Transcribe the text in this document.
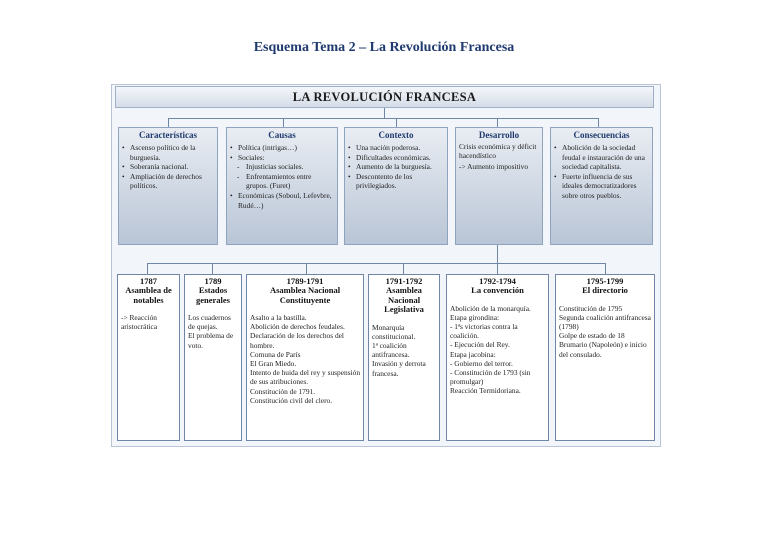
Esquema Tema 2 – La Revolución Francesa
LA REVOLUCIÓN FRANCESA
Características
• Ascenso político de la burguesía.
• Soberanía nacional.
• Ampliación de derechos políticos.
Causas
• Política (intrigas…)
• Sociales:
- Injusticias sociales.
- Enfrentamientos entre grupos. (Furet)
• Económicas (Soboul, Lefevbre, Rudé…)
Contexto
• Una nación poderosa.
• Dificultades económicas.
• Aumento de la burguesía.
• Descontento de los privilegiados.
Desarrollo

Crisis económica y déficit hacendístico

-> Aumento impositivo

Consecuencias
• Abolición de la sociedad feudal e instauración de una sociedad capitalista.
• Fuerte influencia de sus ideales democratizadores sobre otros pueblos.
1787
Asamblea de notables
-> Reacción aristocrática
1789
Estados generales
Los cuadernos de quejas.
El problema de voto.
1789-1791
Asamblea Nacional Constituyente
Asalto a la bastilla.
Abolición de derechos feudales.
Declaración de los derechos del hombre.
Comuna de París
El Gran Miedo.
Intento de huida del rey y suspensión de sus atribuciones.
Constitución de 1791.
Constitución civil del clero.
1791-1792
Asamblea Nacional Legislativa
Monarquía constitucional.
1ª coalición antifrancesa.
Invasión y derrota francesa.
1792-1794
La convención
Abolición de la monarquía.
Etapa girondina:
- 1ªs victorias contra la coalición.
- Ejecución del Rey.
Etapa jacobina:
- Gobierno del terror.
- Constitución de 1793 (sin promulgar)
Reacción Termidoriana.
1795-1799
El directorio
Constitución de 1795
Segunda coalición antifrancesa (1798)
Golpe de estado de 18 Brumario (Napoleón) e inicio del consulado.
